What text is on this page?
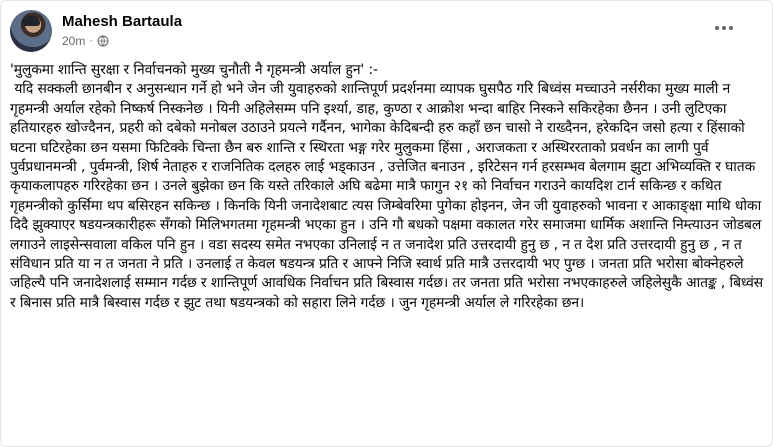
Mahesh Bartaula
20m ·
'मुलुकमा शान्ति सुरक्षा र निर्वाचनको मुख्य चुनौती नै गृहमन्त्री अर्याल हुन' :-
यदि सक्कली छानबीन र अनुसन्धान गर्ने हो भने जेन जी युवाहरुको शान्तिपूर्ण प्रदर्शनमा व्यापक घुसपैठ गरि बिध्वंस मच्चाउने नर्सरीका मुख्य माली न गृहमन्त्री अर्याल रहेको निष्कर्ष निस्कनेछ । यिनी अहिलेसम्म पनि इर्श्या, डाह, कुण्ठा र आक्रोश भन्दा बाहिर निस्कने सकिरहेका छैनन । उनी लुटिएका हतियारहरु खोज्दैनन, प्रहरी को दबेको मनोबल उठाउने प्रयत्ने गर्दैनन, भागेका केदिबन्दी हरु कहाँ छन चासो ने राख्दैनन, हरेकदिन जसो हत्या र हिंसाको घटना घटिरहेका छन यसमा फिटिक्के चिन्ता छैन बरु शान्ति र स्थिरता भङ्ग गरेर मुलुकमा हिंसा , अराजकता र अस्थिररताको प्रवर्धन का लागी पुर्व पुर्वप्रधानमन्त्री , पुर्वमन्त्री, शिर्ष नेताहरु र राजनितिक दलहरु लाई भड्काउन , उत्तेजित बनाउन , इरिटेसन गर्न हरसम्भव बेलगाम झुटा अभिव्यक्ति र घातक कृयाकलापहरु गरिरहेका छन । उनले बुझेका छन कि यस्ते तरिकाले अघि बढेमा मात्रै फागुन २१ को निर्वाचन गराउने कायदिश टार्न सकिन्छ र कथित गृहमन्त्रीको कुर्सिमा थप बसिरहन सकिन्छ । किनकि यिनी जनादेशबाट त्यस जिम्बेवरिमा पुगेका होइनन, जेन जी युवाहरुको भावना र आकाङ्क्षा माथि धोका दिदै झुक्याएर षडयन्त्रकारीहरू सँगको मिलिभगतमा गृहमन्त्री भएका हुन । उनि गौ बधको पक्षमा वकालत गरेर समाजमा धार्मिक अशान्ति निम्त्याउन जोडबल लगाउने लाइसेन्सवाला वकिल पनि हुन । वडा सदस्य समेत नभएका उनिलाई न त जनादेश प्रति उत्तरदायी हुनु छ , न त देश प्रति उत्तरदायी हुनु छ , न त संविधान प्रति या न त जनता ने प्रति । उनलाई त केवल षडयन्त्र प्रति र आफ्ने निजि स्वार्थ प्रति मात्रै उत्तरदायी भए पुग्छ । जनता प्रति भरोसा बोक्नेहरुले जहिल्यै पनि जनादेशलाई सम्मान गर्दछ र शान्तिपूर्ण आवधिक निर्वाचन प्रति बिस्वास गर्दछ। तर जनता प्रति भरोसा नभएकाहरुले जहिलेसुकै आतङ्क , बिध्वंस र बिनास प्रति मात्रै बिस्वास गर्दछ र झुट तथा षडयन्त्रको को सहारा लिने गर्दछ । जुन गृहमन्त्री अर्याल ले गरिरहेका छन।
